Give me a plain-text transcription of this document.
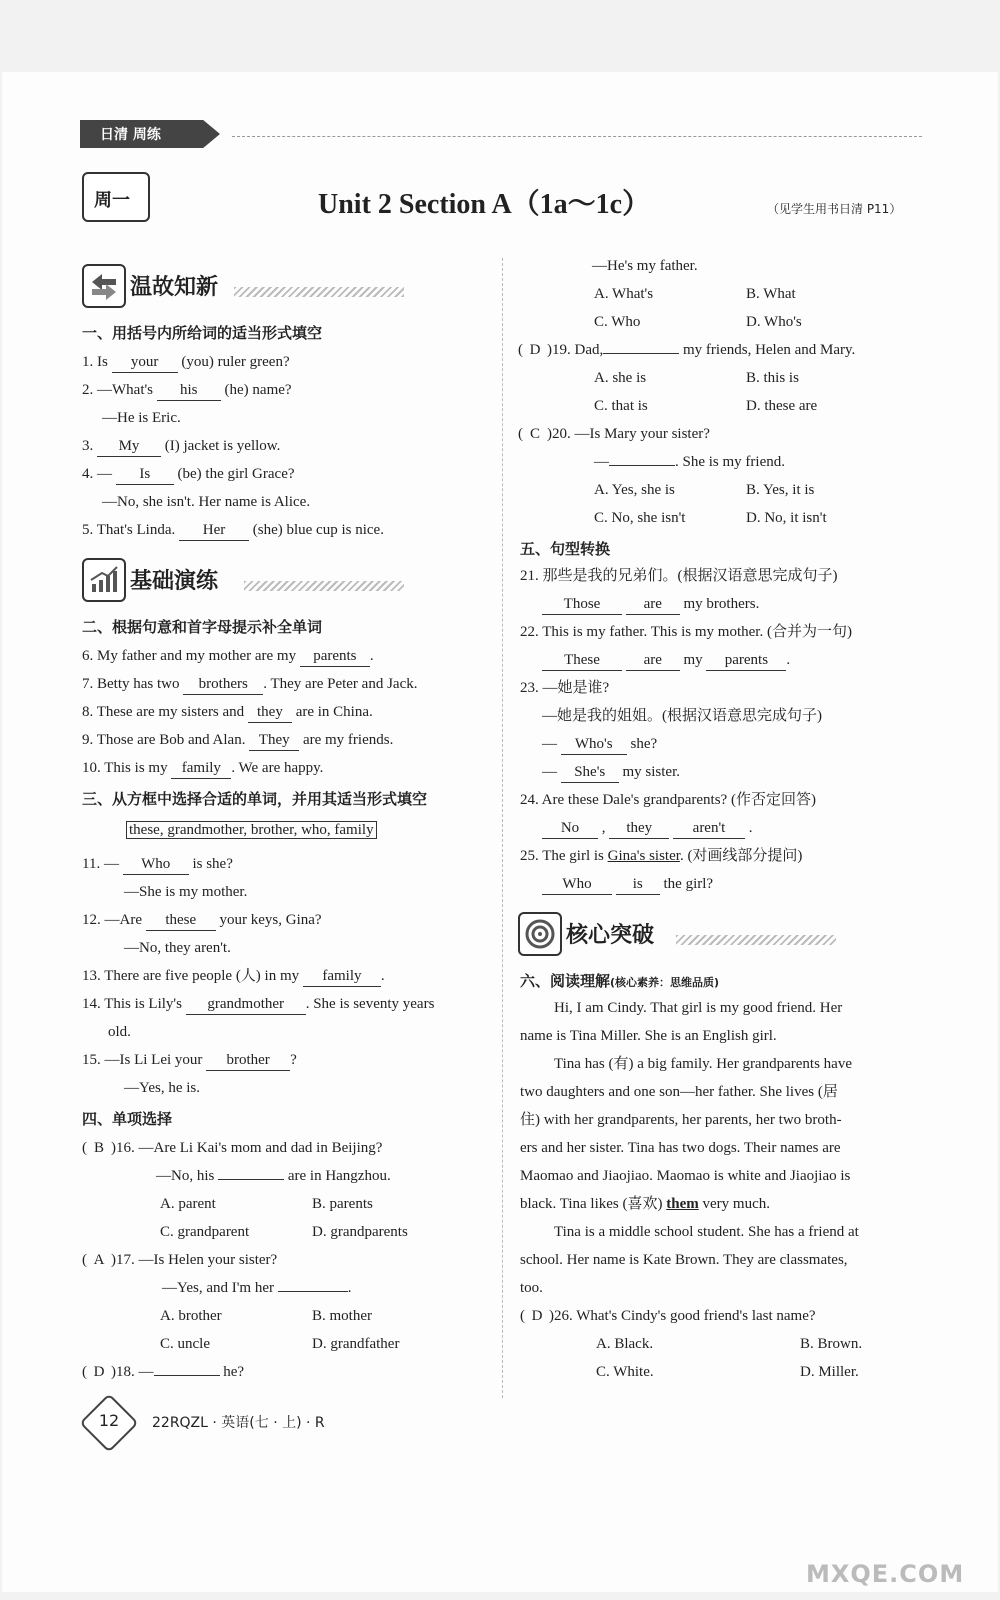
日清 周练
周一	Unit 2 Section A（1a～1c）	（见学生用书日清 P11）
温故知新
一、用括号内所给词的适当形式填空
1. Is your (you) ruler green?
2. —What's his (he) name?
—He is Eric.
3. My (I) jacket is yellow.
4. — Is (be) the girl Grace?
—No, she isn't. Her name is Alice.
5. That's Linda. Her (she) blue cup is nice.
基础演练
二、根据句意和首字母提示补全单词
6. My father and my mother are my parents .
7. Betty has two brothers . They are Peter and Jack.
8. These are my sisters and they are in China.
9. Those are Bob and Alan. They are my friends.
10. This is my family . We are happy.
三、从方框中选择合适的单词，并用其适当形式填空
these, grandmother, brother, who, family
11. — Who is she?
—She is my mother.
12. —Are these your keys, Gina?
—No, they aren't.
13. There are five people (人) in my family .
14. This is Lily's grandmother . She is seventy years
old.
15. —Is Li Lei your brother ?
—Yes, he is.
四、单项选择
( B )16. —Are Li Kai's mom and dad in Beijing?
—No, his	are in Hangzhou.
A. parent	B. parents
C. grandparent	D. grandparents
( A )17. —Is Helen your sister?
—Yes, and I'm her	.
A. brother	B. mother
C. uncle	D. grandfather
( D )18. —	he?
—He's my father.
A. What's	B. What
C. Who	D. Who's
( D )19. Dad,	my friends, Helen and Mary.
A. she is	B. this is
C. that is	D. these are
( C )20. —Is Mary your sister?
—	. She is my friend.
A. Yes, she is	B. Yes, it is
C. No, she isn't	D. No, it isn't
五、句型转换
21. 那些是我的兄弟们。(根据汉语意思完成句子)
Those	are my brothers.
22. This is my father. This is my mother. (合并为一句)
These	are my parents .
23. —她是谁?
—她是我的姐姐。(根据汉语意思完成句子)
— Who's she?
— She's my sister.
24. Are these Dale's grandparents? (作否定回答)
No , they	aren't .
25. The girl is Gina's sister. (对画线部分提问)
Who	is the girl?
核心突破
六、阅读理解(核心素养：思维品质)
Hi, I am Cindy. That girl is my good friend. Her
name is Tina Miller. She is an English girl.
Tina has (有) a big family. Her grandparents have
two daughters and one son—her father. She lives (居
住) with her grandparents, her parents, her two broth-
ers and her sister. Tina has two dogs. Their names are
Maomao and Jiaojiao. Maomao is white and Jiaojiao is
black. Tina likes (喜欢) them very much.
Tina is a middle school student. She has a friend at
school. Her name is Kate Brown. They are classmates,
too.
( D )26. What's Cindy's good friend's last name?
A. Black.	B. Brown.
C. White.	D. Miller.
12 22RQZL · 英语(七 · 上) · R
MXQE.COM
